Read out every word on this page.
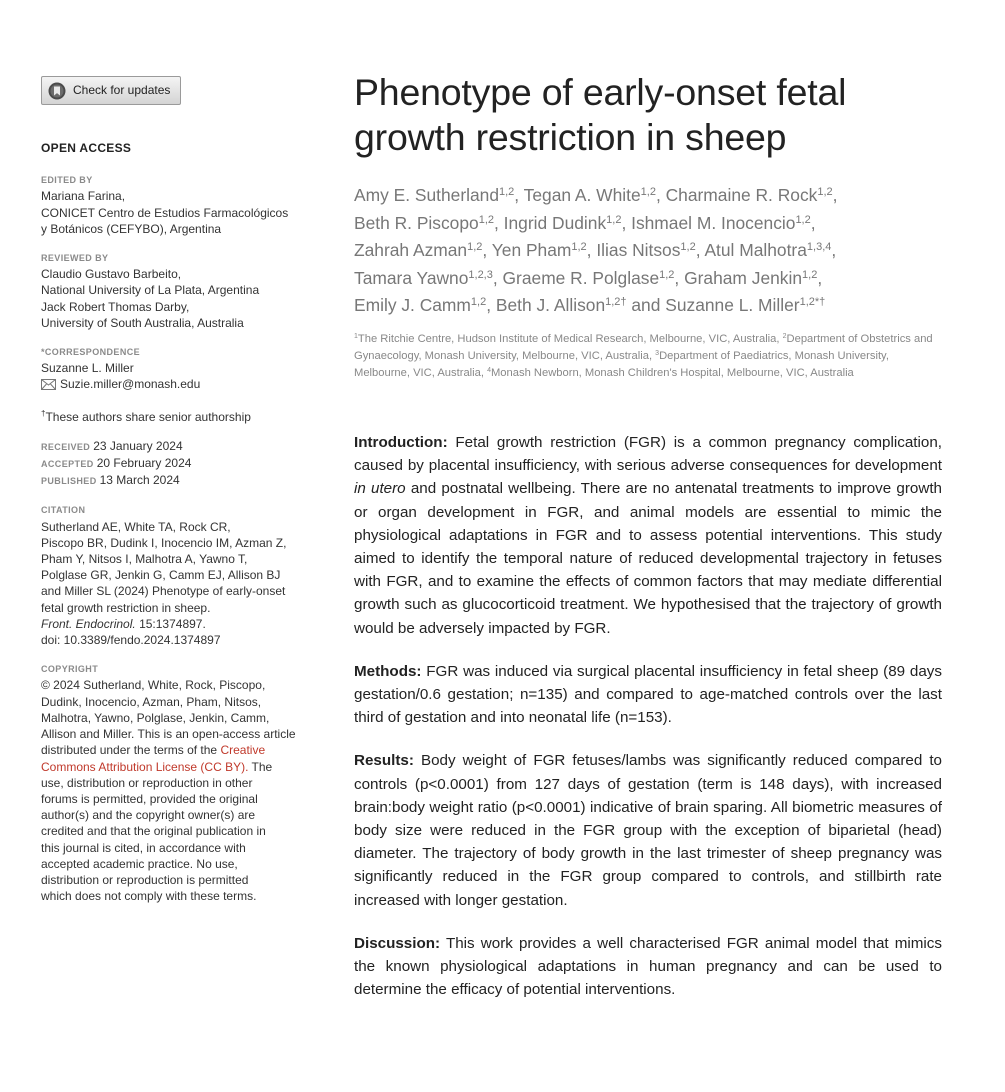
Check for updates
OPEN ACCESS
EDITED BY
Mariana Farina,
CONICET Centro de Estudios Farmacológicos
y Botánicos (CEFYBO), Argentina
REVIEWED BY
Claudio Gustavo Barbeito,
National University of La Plata, Argentina
Jack Robert Thomas Darby,
University of South Australia, Australia
*CORRESPONDENCE
Suzanne L. Miller
Suzie.miller@monash.edu
†These authors share senior authorship
RECEIVED 23 January 2024
ACCEPTED 20 February 2024
PUBLISHED 13 March 2024
CITATION
Sutherland AE, White TA, Rock CR,
Piscopo BR, Dudink I, Inocencio IM, Azman Z,
Pham Y, Nitsos I, Malhotra A, Yawno T,
Polglase GR, Jenkin G, Camm EJ, Allison BJ
and Miller SL (2024) Phenotype of early-onset
fetal growth restriction in sheep.
Front. Endocrinol. 15:1374897.
doi: 10.3389/fendo.2024.1374897
COPYRIGHT
© 2024 Sutherland, White, Rock, Piscopo,
Dudink, Inocencio, Azman, Pham, Nitsos,
Malhotra, Yawno, Polglase, Jenkin, Camm,
Allison and Miller. This is an open-access article
distributed under the terms of the Creative
Commons Attribution License (CC BY). The
use, distribution or reproduction in other
forums is permitted, provided the original
author(s) and the copyright owner(s) are
credited and that the original publication in
this journal is cited, in accordance with
accepted academic practice. No use,
distribution or reproduction is permitted
which does not comply with these terms.
Phenotype of early-onset fetal
growth restriction in sheep
Amy E. Sutherland$^{1,2}$, Tegan A. White$^{1,2}$, Charmaine R. Rock$^{1,2}$,
Beth R. Piscopo$^{1,2}$, Ingrid Dudink$^{1,2}$, Ishmael M. Inocencio$^{1,2}$,
Zahrah Azman$^{1,2}$, Yen Pham$^{1,2}$, Ilias Nitsos$^{1,2}$, Atul Malhotra$^{1,3,4}$,
Tamara Yawno$^{1,2,3}$, Graeme R. Polglase$^{1,2}$, Graham Jenkin$^{1,2}$,
Emily J. Camm$^{1,2}$, Beth J. Allison$^{1,2\dagger}$ and Suzanne L. Miller$^{1,2*\dagger}$
$^1$The Ritchie Centre, Hudson Institute of Medical Research, Melbourne, VIC, Australia, $^2$Department of Obstetrics and Gynaecology, Monash University, Melbourne, VIC, Australia, $^3$Department of Paediatrics, Monash University, Melbourne, VIC, Australia, $^4$Monash Newborn, Monash Children's Hospital, Melbourne, VIC, Australia

Introduction: Fetal growth restriction (FGR) is a common pregnancy complication, caused by placental insufficiency, with serious adverse consequences for development in utero and postnatal wellbeing. There are no antenatal treatments to improve growth or organ development in FGR, and animal models are essential to mimic the physiological adaptations in FGR and to assess potential interventions. This study aimed to identify the temporal nature of reduced developmental trajectory in fetuses with FGR, and to examine the effects of common factors that may mediate differential growth such as glucocorticoid treatment. We hypothesised that the trajectory of growth would be adversely impacted by FGR.

Methods: FGR was induced via surgical placental insufficiency in fetal sheep (89 days gestation/0.6 gestation; n=135) and compared to age-matched controls over the last third of gestation and into neonatal life (n=153).

Results: Body weight of FGR fetuses/lambs was significantly reduced compared to controls (p<0.0001) from 127 days of gestation (term is 148 days), with increased brain:body weight ratio (p<0.0001) indicative of brain sparing. All biometric measures of body size were reduced in the FGR group with the exception of biparietal (head) diameter. The trajectory of body growth in the last trimester of sheep pregnancy was significantly reduced in the FGR group compared to controls, and stillbirth rate increased with longer gestation.

Discussion: This work provides a well characterised FGR animal model that mimics the known physiological adaptations in human pregnancy and can be used to determine the efficacy of potential interventions.
